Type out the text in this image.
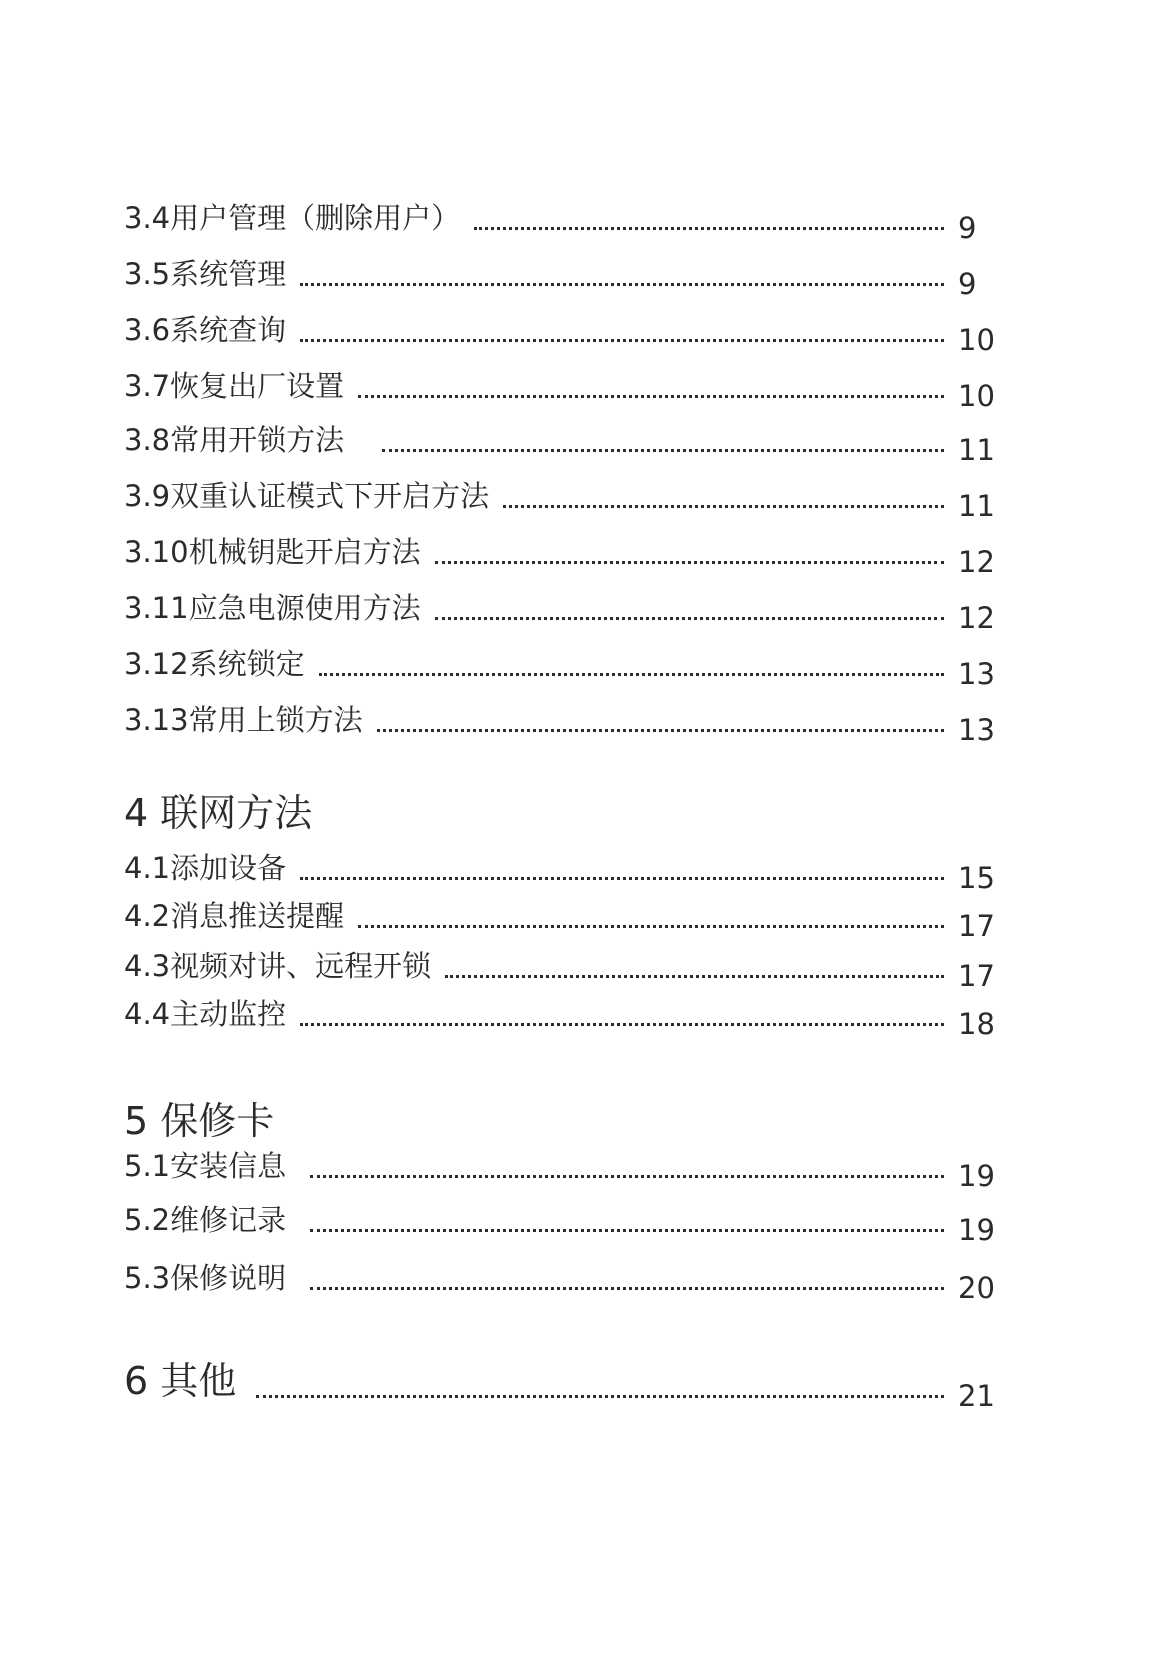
3.4用户管理（删除用户）	9
3.5系统管理	9
3.6系统查询	10
3.7恢复出厂设置	10
3.8常用开锁方法	11
3.9双重认证模式下开启方法	11
3.10机械钥匙开启方法	12
3.11应急电源使用方法	12
3.12系统锁定	13
3.13常用上锁方法	13
4 联网方法
4.1添加设备	15
4.2消息推送提醒	17
4.3视频对讲、远程开锁	17
4.4主动监控	18
5 保修卡
5.1安装信息	19
5.2维修记录	19
5.3保修说明	20
6 其他	21
